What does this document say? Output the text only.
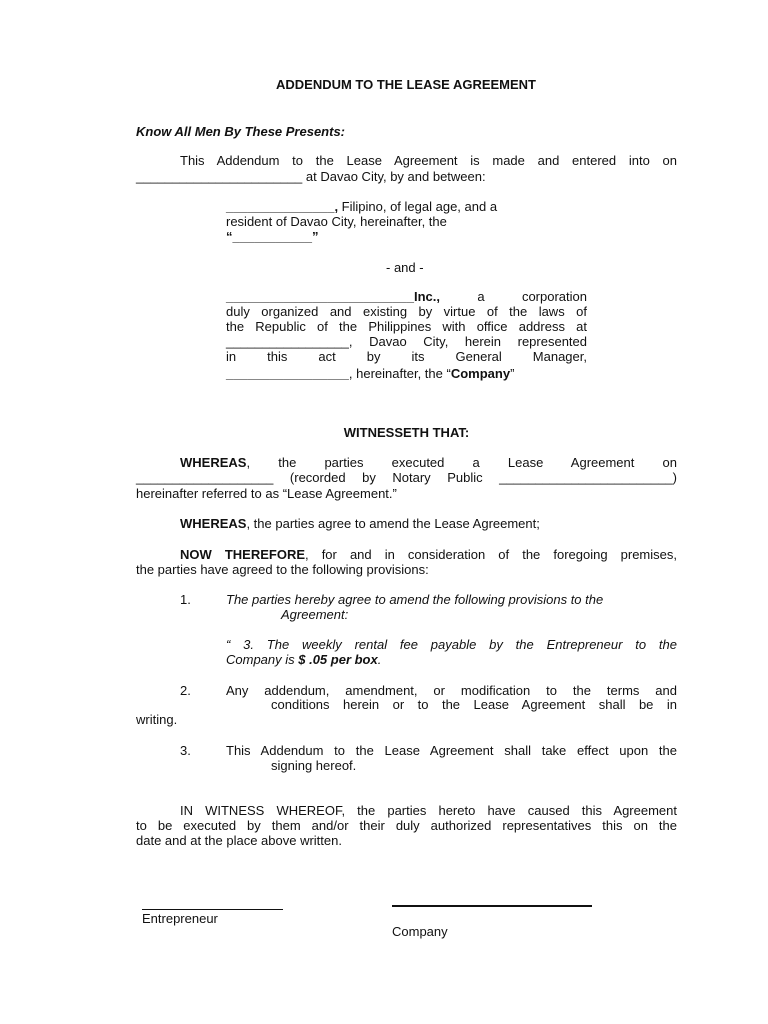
ADDENDUM TO THE LEASE AGREEMENT
Know All Men By These Presents:
This Addendum to the Lease Agreement is made and entered into on
_______________________ at Davao City, by and between:
_______________, Filipino, of legal age, and a
resident of Davao City, hereinafter, the
“___________”
- and -
__________________________Inc.,	a corporation
duly organized and existing by virtue of the laws of
the Republic of the Philippines with office address at
_________________, Davao City, herein represented
in this act by its General Manager,
_________________, hereinafter, the “Company”
WITNESSETH THAT:
WHEREAS, the parties executed a Lease Agreement on
___________________ (recorded by Notary Public ________________________)
hereinafter referred to as “Lease Agreement.”
WHEREAS, the parties agree to amend the Lease Agreement;
NOW THEREFORE, for and in consideration of the foregoing premises,
the parties have agreed to the following provisions:
1.	The parties hereby agree to amend the following provisions to the
Agreement:
“ 3. The weekly rental fee payable by the Entrepreneur to the
Company is $ .05 per box.
2.	Any addendum, amendment, or modification to the terms and
conditions herein or to the Lease Agreement shall be in
writing.
3.	This Addendum to the Lease Agreement shall take effect upon the
signing hereof.
IN WITNESS WHEREOF, the parties hereto have caused this Agreement
to be executed by them and/or their duly authorized representatives this on the
date and at the place above written.
Entrepreneur
Company
